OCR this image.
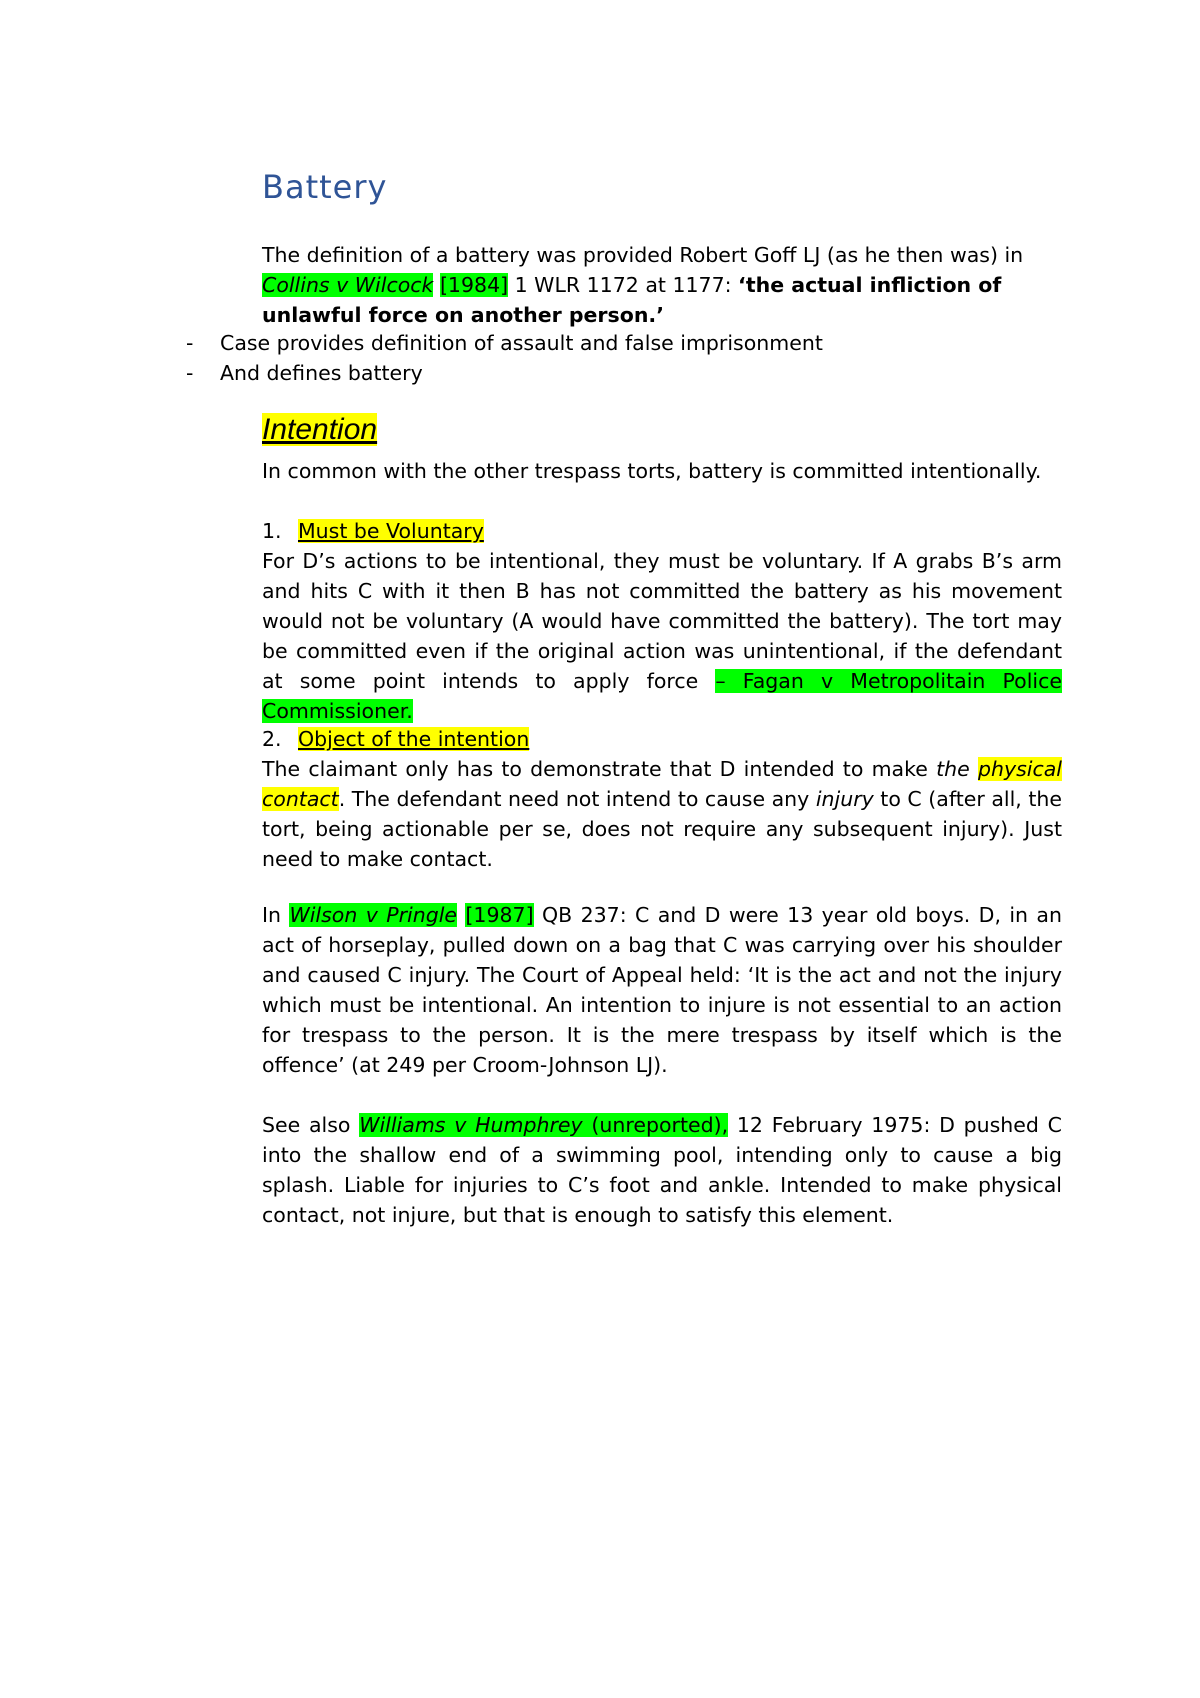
Battery

The definition of a battery was provided Robert Goff LJ (as he then was) in Collins v Wilcock [1984] 1 WLR 1172 at 1177: ‘the actual infliction of unlawful force on another person.’

- Case provides definition of assault and false imprisonment
- And defines battery
Intention

In common with the other trespass torts, battery is committed intentionally.

1. Must be Voluntary

For D’s actions to be intentional, they must be voluntary. If A grabs B’s arm and hits C with it then B has not committed the battery as his movement would not be voluntary (A would have committed the battery). The tort may be committed even if the original action was unintentional, if the defendant at some point intends to apply force – Fagan v Metropolitain Police Commissioner.

2. Object of the intention

The claimant only has to demonstrate that D intended to make the physical contact. The defendant need not intend to cause any injury to C (after all, the tort, being actionable per se, does not require any subsequent injury). Just need to make contact.

In Wilson v Pringle [1987] QB 237: C and D were 13 year old boys. D, in an act of horseplay, pulled down on a bag that C was carrying over his shoulder and caused C injury. The Court of Appeal held: ‘It is the act and not the injury which must be intentional. An intention to injure is not essential to an action for trespass to the person. It is the mere trespass by itself which is the offence’ (at 249 per Croom-Johnson LJ).

See also Williams v Humphrey (unreported), 12 February 1975: D pushed C into the shallow end of a swimming pool, intending only to cause a big splash. Liable for injuries to C’s foot and ankle. Intended to make physical contact, not injure, but that is enough to satisfy this element.
